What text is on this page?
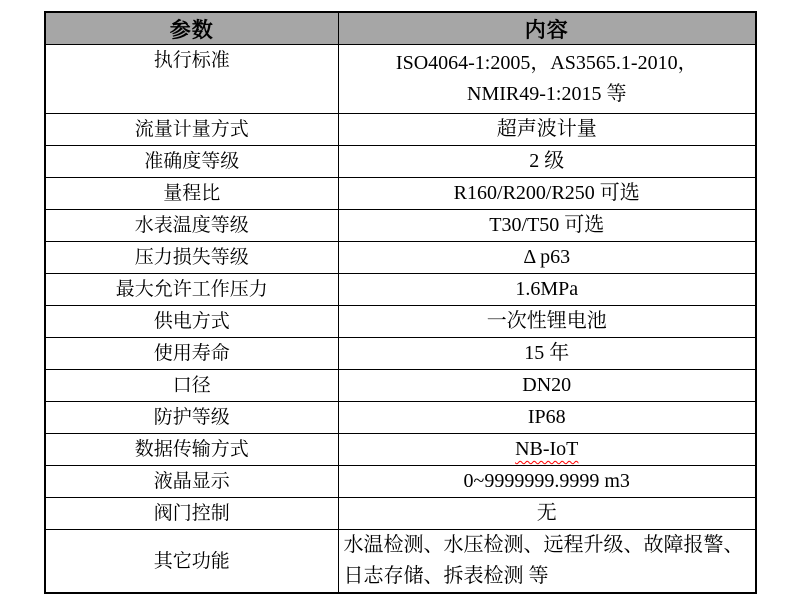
参数	内容
执行标准	ISO4064-1:2005，AS3565.1-2010，
NMIR49-1:2015 等

流量计量方式	超声波计量

准确度等级	2 级

量程比	R160/R200/R250 可选

水表温度等级	T30/T50 可选

压力损失等级	Δ p63

最大允许工作压力	1.6MPa

供电方式	一次性锂电池

使用寿命	15 年

口径	DN20

防护等级	IP68

数据传输方式	NB-IoT
液晶显示	0~9999999.9999 m3

阀门控制	无

其它功能	水温检测、水压检测、远程升级、故障报警、
日志存储、拆表检测 等
